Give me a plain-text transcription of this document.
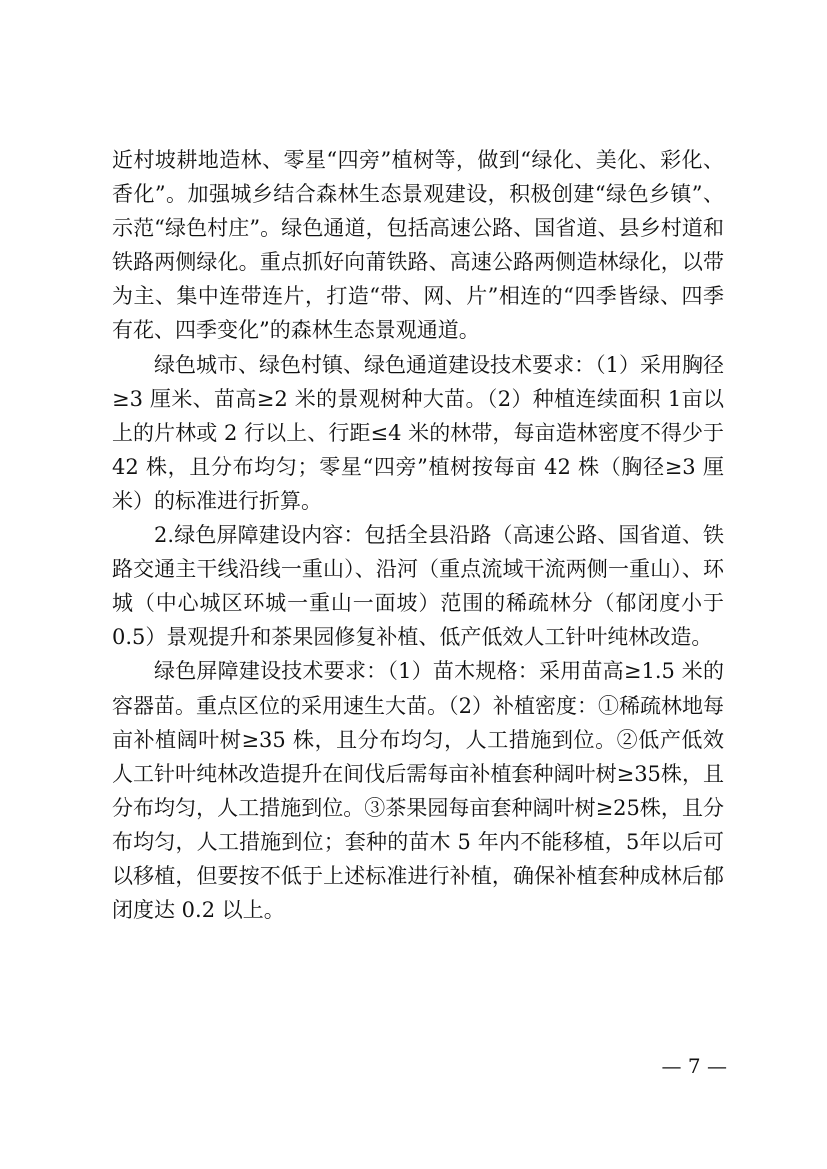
近村坡耕地造林、零星“四旁”植树等，做到“绿化、美化、彩化、香化”。加强城乡结合森林生态景观建设，积极创建“绿色乡镇”、示范“绿色村庄”。绿色通道，包括高速公路、国省道、县乡村道和铁路两侧绿化。重点抓好向莆铁路、高速公路两侧造林绿化，以带为主、集中连带连片，打造“带、网、片”相连的“四季皆绿、四季有花、四季变化”的森林生态景观通道。

绿色城市、绿色村镇、绿色通道建设技术要求：（1）采用胸径≥3 厘米、苗高≥2 米的景观树种大苗。（2）种植连续面积 1亩以上的片林或 2 行以上、行距≤4 米的林带，每亩造林密度不得少于 42 株，且分布均匀；零星“四旁”植树按每亩 42 株（胸径≥3 厘米）的标准进行折算。

2.绿色屏障建设内容：包括全县沿路（高速公路、国省道、铁路交通主干线沿线一重山）、沿河（重点流域干流两侧一重山）、环城（中心城区环城一重山一面坡）范围的稀疏林分（郁闭度小于 0.5）景观提升和茶果园修复补植、低产低效人工针叶纯林改造。

绿色屏障建设技术要求：（1）苗木规格：采用苗高≥1.5 米的容器苗。重点区位的采用速生大苗。（2）补植密度：①稀疏林地每亩补植阔叶树≥35 株，且分布均匀，人工措施到位。②低产低效人工针叶纯林改造提升在间伐后需每亩补植套种阔叶树≥35株，且分布均匀，人工措施到位。③茶果园每亩套种阔叶树≥25株，且分布均匀，人工措施到位；套种的苗木 5 年内不能移植，5年以后可以移植，但要按不低于上述标准进行补植，确保补植套种成林后郁闭度达 0.2 以上。

— 7 —
